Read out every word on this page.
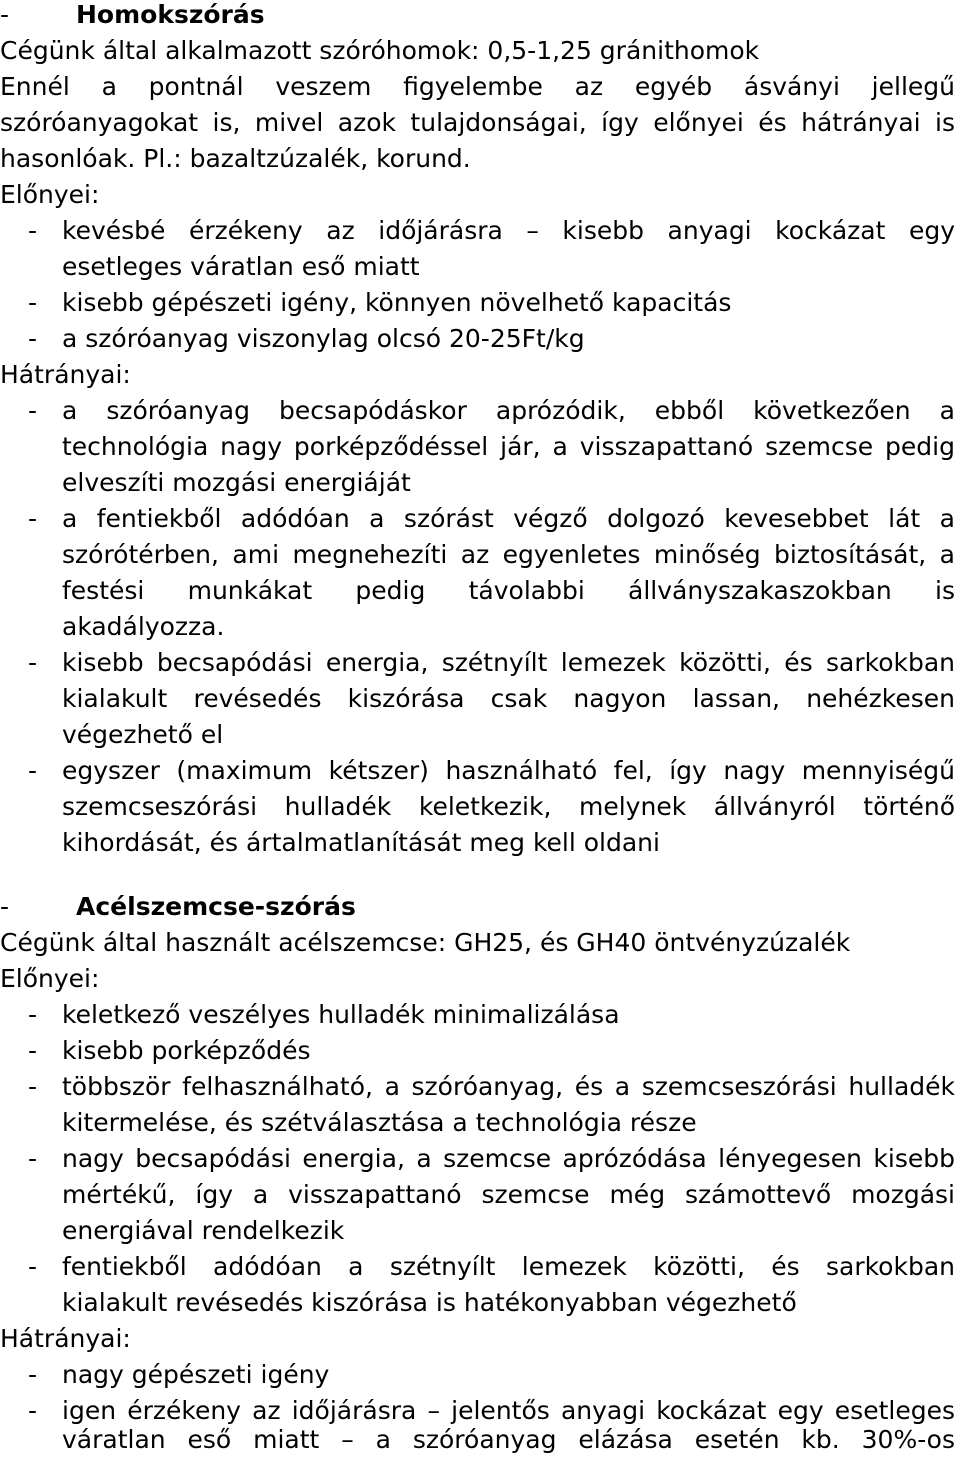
-	Homokszórás
Cégünk által alkalmazott szóróhomok: 0,5-1,25 gránithomok
Ennél a pontnál veszem figyelembe az egyéb ásványi jellegű
szóróanyagokat is, mivel azok tulajdonságai, így előnyei és hátrányai is
hasonlóak. Pl.: bazaltzúzalék, korund.
Előnyei:
- kevésbé érzékeny az időjárásra – kisebb anyagi kockázat egy
esetleges váratlan eső miatt
- kisebb gépészeti igény, könnyen növelhető kapacitás
- a szóróanyag viszonylag olcsó 20-25Ft/kg
Hátrányai:
- a szóróanyag becsapódáskor aprózódik, ebből következően a
technológia nagy porképződéssel jár, a visszapattanó szemcse pedig
elveszíti mozgási energiáját
- a fentiekből adódóan a szórást végző dolgozó kevesebbet lát a
szórótérben, ami megnehezíti az egyenletes minőség biztosítását, a
festési munkákat pedig távolabbi állványszakaszokban is
akadályozza.
- kisebb becsapódási energia, szétnyílt lemezek közötti, és sarkokban
kialakult revésedés kiszórása csak nagyon lassan, nehézkesen
végezhető el
- egyszer (maximum kétszer) használható fel, így nagy mennyiségű
szemcseszórási hulladék keletkezik, melynek állványról történő
kihordását, és ártalmatlanítását meg kell oldani
-	Acélszemcse-szórás
Cégünk által használt acélszemcse: GH25, és GH40 öntvényzúzalék
Előnyei:
- keletkező veszélyes hulladék minimalizálása
- kisebb porképződés
- többször felhasználható, a szóróanyag, és a szemcseszórási hulladék
kitermelése, és szétválasztása a technológia része
- nagy becsapódási energia, a szemcse aprózódása lényegesen kisebb
mértékű, így a visszapattanó szemcse még számottevő mozgási
energiával rendelkezik
- fentiekből adódóan a szétnyílt lemezek közötti, és sarkokban
kialakult revésedés kiszórása is hatékonyabban végezhető
Hátrányai:
- nagy gépészeti igény
- igen érzékeny az időjárásra – jelentős anyagi kockázat egy esetleges
váratlan eső miatt – a szóróanyag elázása esetén kb. 30%-os
